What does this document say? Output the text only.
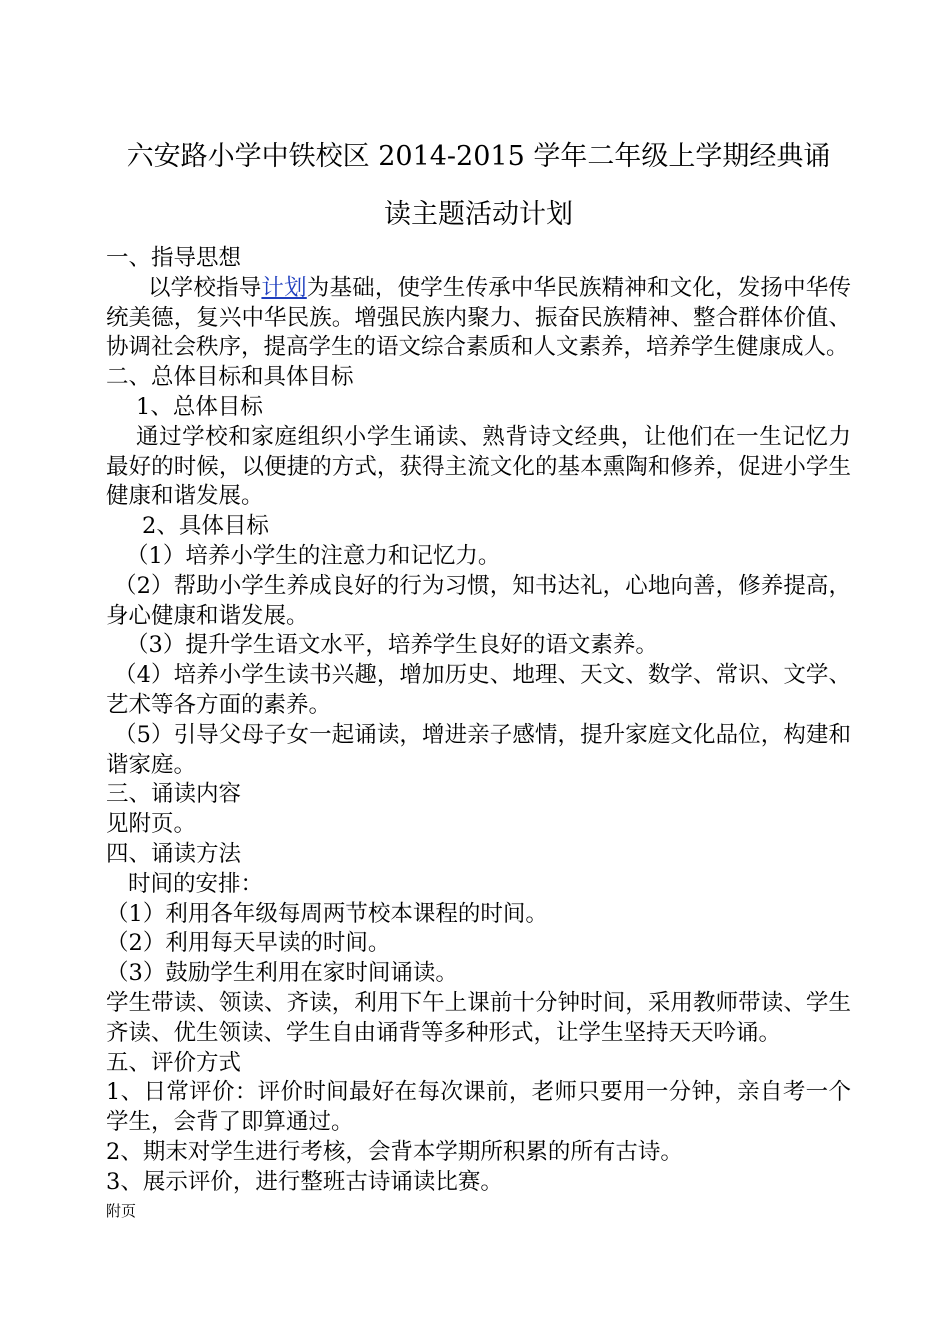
六安路小学中铁校区 2014-2015 学年二年级上学期经典诵
读主题活动计划
一、指导思想
以学校指导计划为基础，使学生传承中华民族精神和文化，发扬中华传统美德，复兴中华民族。增强民族内聚力、振奋民族精神、整合群体价值、协调社会秩序，提高学生的语文综合素质和人文素养，培养学生健康成人。
二、总体目标和具体目标
1、总体目标
通过学校和家庭组织小学生诵读、熟背诗文经典，让他们在一生记忆力最好的时候，以便捷的方式，获得主流文化的基本熏陶和修养，促进小学生健康和谐发展。
2、具体目标
（1）培养小学生的注意力和记忆力。
（2）帮助小学生养成良好的行为习惯，知书达礼，心地向善，修养提高，身心健康和谐发展。
（3）提升学生语文水平，培养学生良好的语文素养。
（4）培养小学生读书兴趣，增加历史、地理、天文、数学、常识、文学、艺术等各方面的素养。
（5）引导父母子女一起诵读，增进亲子感情，提升家庭文化品位，构建和谐家庭。
三、诵读内容
见附页。
四、诵读方法
时间的安排：
（1）利用各年级每周两节校本课程的时间。
（2）利用每天早读的时间。
（3）鼓励学生利用在家时间诵读。
学生带读、领读、齐读，利用下午上课前十分钟时间，采用教师带读、学生齐读、优生领读、学生自由诵背等多种形式，让学生坚持天天吟诵。
五、评价方式
1、日常评价：评价时间最好在每次课前，老师只要用一分钟，亲自考一个学生，会背了即算通过。
2、期末对学生进行考核，会背本学期所积累的所有古诗。
3、展示评价，进行整班古诗诵读比赛。
附页
